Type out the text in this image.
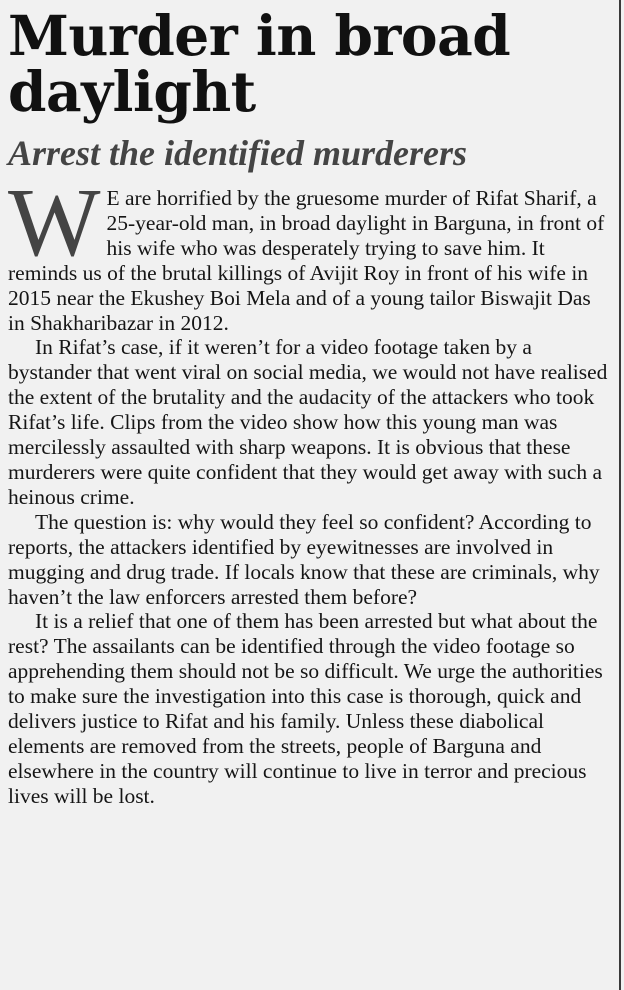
Murder in broad
daylight
Arrest the identified murderers

W E are horrified by the gruesome murder of Rifat Sharif, a 25-year-old man, in broad daylight in Barguna, in front of his wife who was desperately trying to save him. It reminds us of the brutal killings of Avijit Roy in front of his wife in 2015 near the Ekushey Boi Mela and of a young tailor Biswajit Das in Shakharibazar in 2012.

In Rifat’s case, if it weren’t for a video footage taken by a bystander that went viral on social media, we would not have realised the extent of the brutality and the audacity of the attackers who took Rifat’s life. Clips from the video show how this young man was mercilessly assaulted with sharp weapons. It is obvious that these murderers were quite confident that they would get away with such a heinous crime.

The question is: why would they feel so confident? According to reports, the attackers identified by eyewitnesses are involved in mugging and drug trade. If locals know that these are criminals, why haven’t the law enforcers arrested them before?

It is a relief that one of them has been arrested but what about the rest? The assailants can be identified through the video footage so apprehending them should not be so difficult. We urge the authorities to make sure the investigation into this case is thorough, quick and delivers justice to Rifat and his family. Unless these diabolical elements are removed from the streets, people of Barguna and elsewhere in the country will continue to live in terror and precious lives will be lost.
